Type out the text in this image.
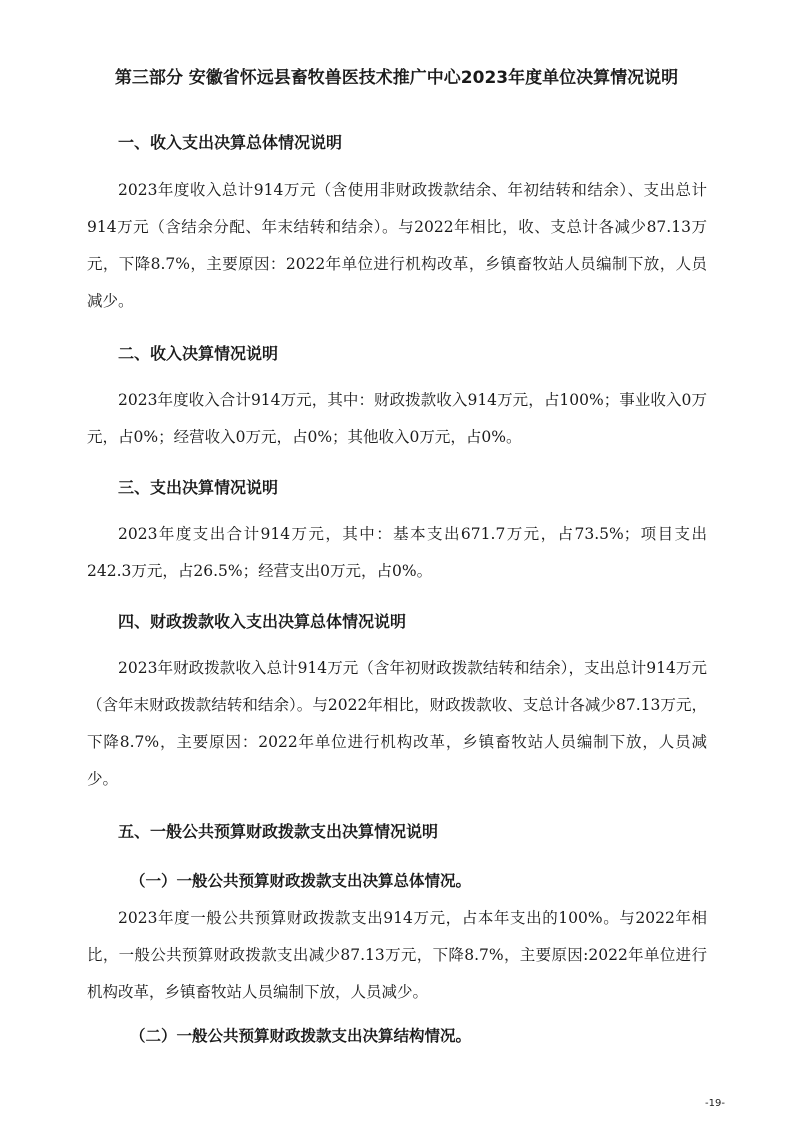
第三部分 安徽省怀远县畜牧兽医技术推广中心2023年度单位决算情况说明
一、收入支出决算总体情况说明
2023年度收入总计914万元（含使用非财政拨款结余、年初结转和结余）、支出总计914万元（含结余分配、年末结转和结余）。与2022年相比，收、支总计各减少87.13万元，下降8.7%，主要原因：2022年单位进行机构改革，乡镇畜牧站人员编制下放，人员减少。
二、收入决算情况说明
2023年度收入合计914万元，其中：财政拨款收入914万元，占100%；事业收入0万元，占0%；经营收入0万元，占0%；其他收入0万元，占0%。
三、支出决算情况说明
2023年度支出合计914万元，其中：基本支出671.7万元，占73.5%；项目支出242.3万元，占26.5%；经营支出0万元，占0%。
四、财政拨款收入支出决算总体情况说明
2023年财政拨款收入总计914万元（含年初财政拨款结转和结余），支出总计914万元（含年末财政拨款结转和结余）。与2022年相比，财政拨款收、支总计各减少87.13万元，下降8.7%，主要原因：2022年单位进行机构改革，乡镇畜牧站人员编制下放，人员减少。
五、一般公共预算财政拨款支出决算情况说明
（一）一般公共预算财政拨款支出决算总体情况。
2023年度一般公共预算财政拨款支出914万元，占本年支出的100%。与2022年相比，一般公共预算财政拨款支出减少87.13万元，下降8.7%，主要原因:2022年单位进行机构改革，乡镇畜牧站人员编制下放，人员减少。
（二）一般公共预算财政拨款支出决算结构情况。
-19-
